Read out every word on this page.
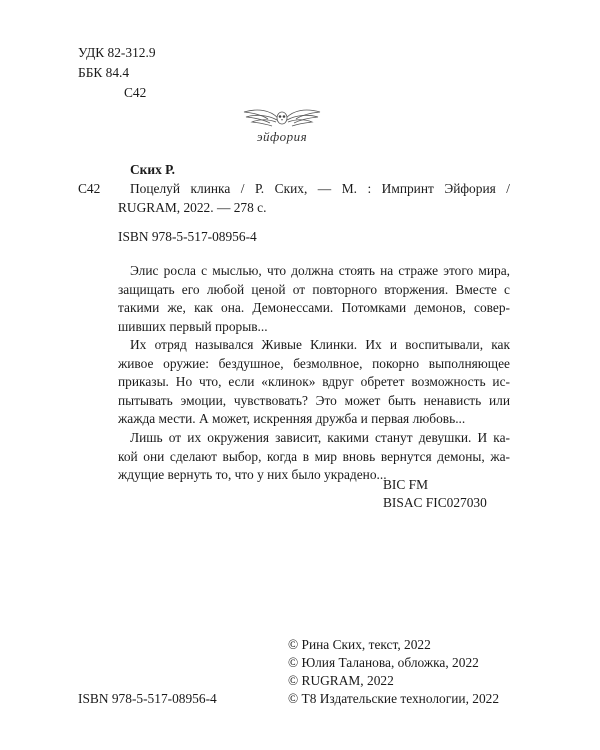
УДК 82-312.9
ББК 84.4
С42
эйфория
Ских Р.
С42 Поцелуй клинка / Р. Ских, — М. : Импринт Эйфория /
RUGRAM, 2022. — 278 с.
ISBN 978-5-517-08956-4
Элис росла с мыслью, что должна стоять на страже этого мира,
защищать его любой ценой от повторного вторжения. Вместе с
такими же, как она. Демонессами. Потомками демонов, совер-
шивших первый прорыв...
Их отряд назывался Живые Клинки. Их и воспитывали, как
живое оружие: бездушное, безмолвное, покорно выполняющее
приказы. Но что, если «клинок» вдруг обретет возможность ис-
пытывать эмоции, чувствовать? Это может быть ненависть или
жажда мести. А может, искренняя дружба и первая любовь...
Лишь от их окружения зависит, какими станут девушки. И ка-
кой они сделают выбор, когда в мир вновь вернутся демоны, жа-
ждущие вернуть то, что у них было украдено...
BIC FM
BISAC FIC027030
© Рина Ских, текст, 2022
© Юлия Таланова, обложка, 2022
© RUGRAM, 2022
© Т8 Издательские технологии, 2022
ISBN 978-5-517-08956-4
